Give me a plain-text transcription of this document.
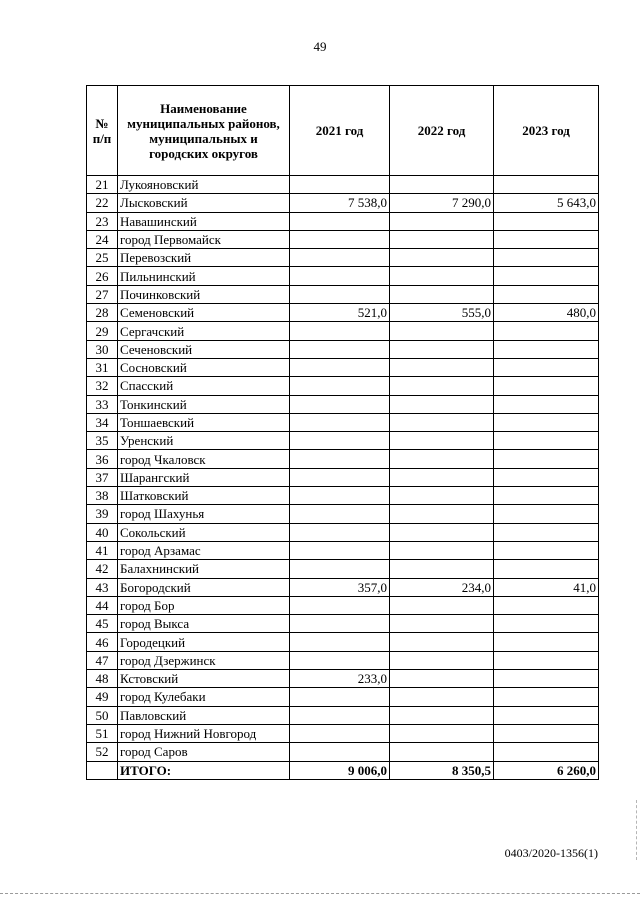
49
№ п/п	Наименование муниципальных районов, муниципальных и городских округов	2021 год	2022 год	2023 год
21	Лукояновский			
22	Лысковский	7 538,0	7 290,0	5 643,0
23	Навашинский			
24	город Первомайск			
25	Перевозский			
26	Пильнинский			
27	Починковский			
28	Семеновский	521,0	555,0	480,0
29	Сергачский			
30	Сеченовский			
31	Сосновский			
32	Спасский			
33	Тонкинский			
34	Тоншаевский			
35	Уренский			
36	город Чкаловск			
37	Шарангский			
38	Шатковский			
39	город Шахунья			
40	Сокольский			
41	город Арзамас			
42	Балахнинский			
43	Богородский	357,0	234,0	41,0
44	город Бор			
45	город Выкса			
46	Городецкий			
47	город Дзержинск			
48	Кстовский	233,0		
49	город Кулебаки			
50	Павловский			
51	город Нижний Новгород			
52	город Саров			
	ИТОГО:	9 006,0	8 350,5	6 260,0
0403/2020-1356(1)
